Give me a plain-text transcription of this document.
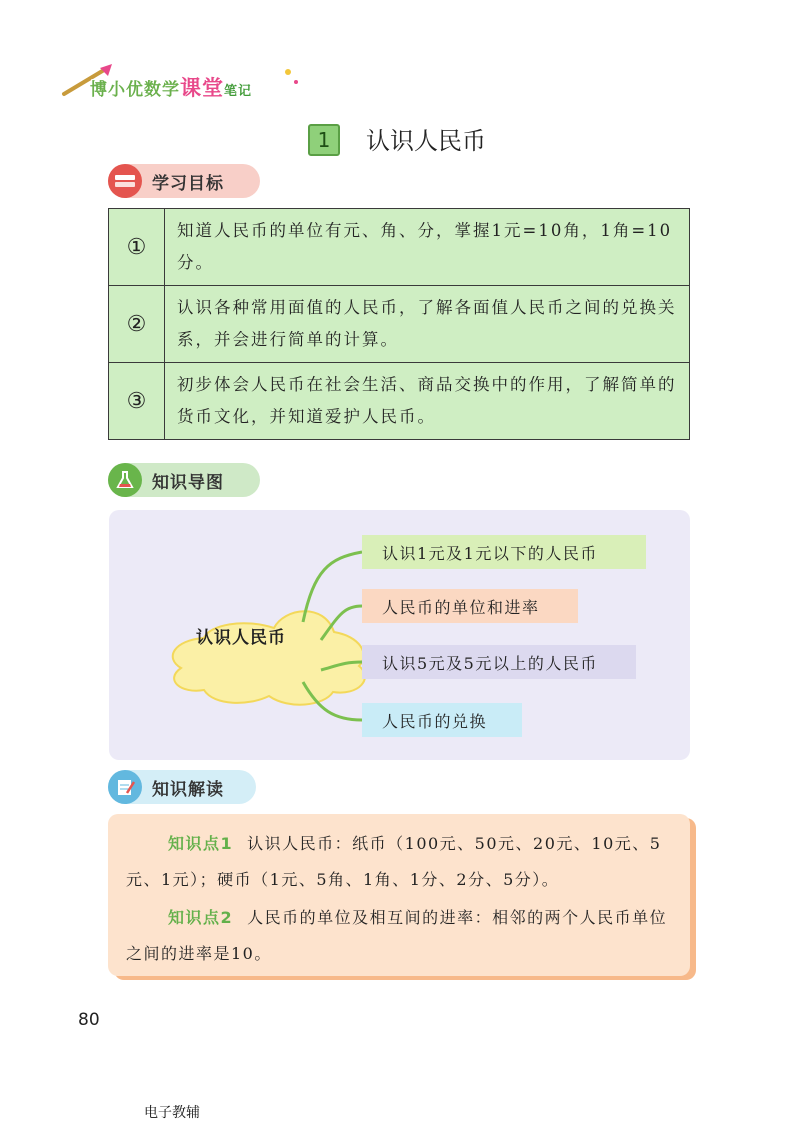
博小优数学课堂笔记
1	认识人民币
学习目标
①	知道人民币的单位有元、角、分，掌握1元=10角，1角=10分。
②	认识各种常用面值的人民币，了解各面值人民币之间的兑换关系，并会进行简单的计算。
③	初步体会人民币在社会生活、商品交换中的作用，了解简单的货币文化，并知道爱护人民币。
知识导图
认识人民币
认识1元及1元以下的人民币
人民币的单位和进率
认识5元及5元以上的人民币
人民币的兑换
知识解读
知识点1 认识人民币：纸币（100元、50元、20元、10元、5元、1元）；硬币（1元、5角、1角、1分、2分、5分）。
知识点2 人民币的单位及相互间的进率：相邻的两个人民币单位之间的进率是10。
80
电子教辅
